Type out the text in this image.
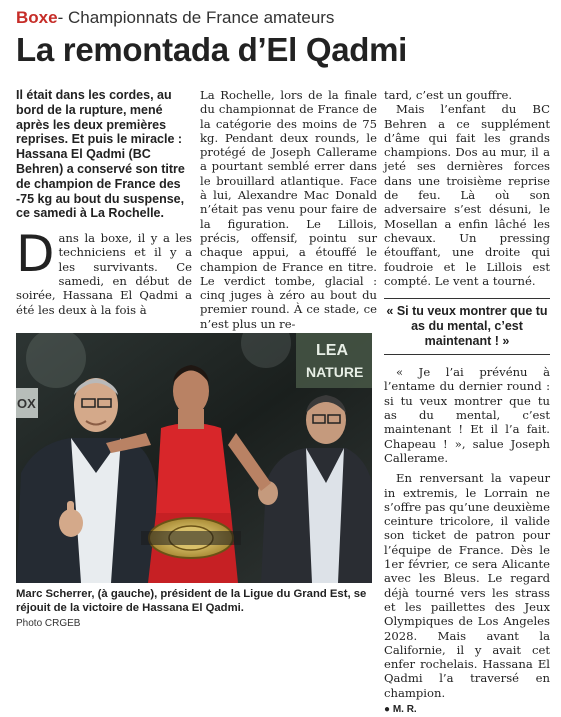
Boxe- Championnats de France amateurs
La remontada d’El Qadmi

Il était dans les cordes, au bord de la rupture, mené après les deux premières reprises. Et puis le miracle : Hassana El Qadmi (BC Behren) a conservé son titre de champion de France des -75 kg au bout du suspense, ce samedi à La Rochelle.

Dans la boxe, il y a les techniciens et il y a les survivants. Ce samedi, en début de soirée, Hassana El Qadmi a été les deux à la fois à

La Rochelle, lors de la finale du championnat de France de la catégorie des moins de 75 kg. Pendant deux rounds, le protégé de Joseph Callerame a pourtant semblé errer dans le brouillard atlantique. Face à lui, Alexandre Mac Donald n’était pas venu pour faire de la figuration. Le Lillois, précis, offensif, pointu sur chaque appui, a étouffé le champion de France en titre. Le verdict tombe, glacial : cinq juges à zéro au bout du premier round. À ce stade, ce n’est plus un re-

tard, c’est un gouffre.

Mais l’enfant du BC Behren a ce supplément d’âme qui fait les grands champions. Dos au mur, il a jeté ses dernières forces dans une troisième reprise de feu. Là où son adversaire s’est désuni, le Mosellan a enfin lâché les chevaux. Un pressing étouffant, une droite qui foudroie et le Lillois est compté. Le vent a tourné.

« Si tu veux montrer que tu as du mental, c’est maintenant ! »

« Je l’ai prévénu à l’entame du dernier round : si tu veux montrer que tu as du mental, c’est maintenant ! Et il l’a fait. Chapeau ! », salue Joseph Callerame.

En renversant la vapeur in extremis, le Lorrain ne s’offre pas qu’une deuxième ceinture tricolore, il valide son ticket de patron pour l’équipe de France. Dès le 1er février, ce sera Alicante avec les Bleus. Le regard déjà tourné vers les strass et les paillettes des Jeux Olympiques de Los Angeles 2028. Mais avant la Californie, il y avait cet enfer rochelais. Hassana El Qadmi l’a traversé en champion.

● M. R.

LEA
NATURE
OX
Marc Scherrer, (à gauche), président de la Ligue du Grand Est, se réjouit de la victoire de Hassana El Qadmi.
Photo CRGEB
